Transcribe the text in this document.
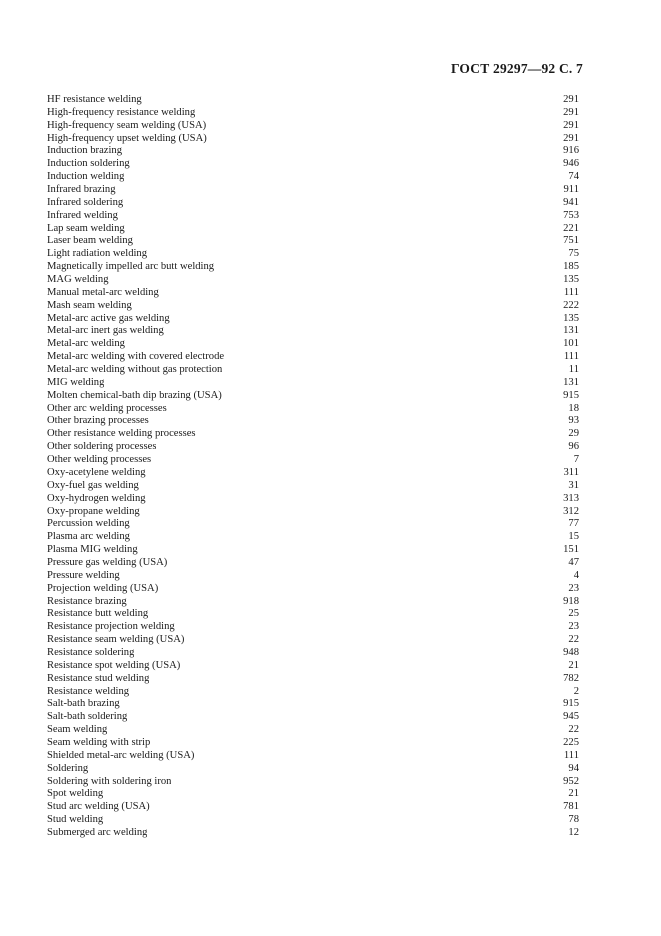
ГОСТ 29297—92 С. 7
HF resistance welding	291
High-frequency resistance welding	291
High-frequency seam welding (USA)	291
High-frequency upset welding (USA)	291
Induction brazing	916
Induction soldering	946
Induction welding	74
Infrared brazing	911
Infrared soldering	941
Infrared welding	753
Lap seam welding	221
Laser beam welding	751
Light radiation welding	75
Magnetically impelled arc butt welding	185
MAG welding	135
Manual metal-arc welding	111
Mash seam welding	222
Metal-arc active gas welding	135
Metal-arc inert gas welding	131
Metal-arc welding	101
Metal-arc welding with covered electrode	111
Metal-arc welding without gas protection	11
MIG welding	131
Molten chemical-bath dip brazing (USA)	915
Other arc welding processes	18
Other brazing processes	93
Other resistance welding processes	29
Other soldering processes	96
Other welding processes	7
Oxy-acetylene welding	311
Oxy-fuel gas welding	31
Oxy-hydrogen welding	313
Oxy-propane welding	312
Percussion welding	77
Plasma arc welding	15
Plasma MIG welding	151
Pressure gas welding (USA)	47
Pressure welding	4
Projection welding (USA)	23
Resistance brazing	918
Resistance butt welding	25
Resistance projection welding	23
Resistance seam welding (USA)	22
Resistance soldering	948
Resistance spot welding (USA)	21
Resistance stud welding	782
Resistance welding	2
Salt-bath brazing	915
Salt-bath soldering	945
Seam welding	22
Seam welding with strip	225
Shielded metal-arc welding (USA)	111
Soldering	94
Soldering with soldering iron	952
Spot welding	21
Stud arc welding (USA)	781
Stud welding	78
Submerged arc welding	12
